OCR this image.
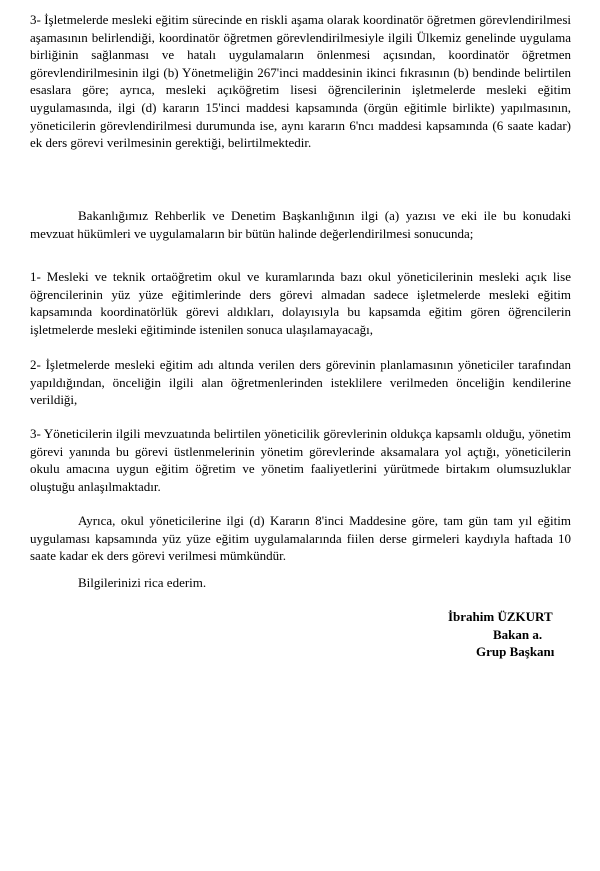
3- İşletmelerde mesleki eğitim sürecinde en riskli aşama olarak koordinatör öğretmen görevlendirilmesi aşamasının belirlendiği, koordinatör öğretmen görevlendirilmesiyle ilgili Ülkemiz genelinde uygulama birliğinin sağlanması ve hatalı uygulamaların önlenmesi açısından, koordinatör öğretmen görevlendirilmesinin ilgi (b) Yönetmeliğin 267'inci maddesinin ikinci fıkrasının (b) bendinde belirtilen esaslara göre; ayrıca, mesleki açıköğretim lisesi öğrencilerinin işletmelerde mesleki eğitim uygulamasında, ilgi (d) kararın 15'inci maddesi kapsamında (örgün eğitimle birlikte) yapılmasının, yöneticilerin görevlendirilmesi durumunda ise, aynı kararın 6'ncı maddesi kapsamında (6 saate kadar) ek ders görevi verilmesinin gerektiği, belirtilmektedir.

Bakanlığımız Rehberlik ve Denetim Başkanlığının ilgi (a) yazısı ve eki ile bu konudaki mevzuat hükümleri ve uygulamaların bir bütün halinde değerlendirilmesi sonucunda;

1- Mesleki ve teknik ortaöğretim okul ve kuramlarında bazı okul yöneticilerinin mesleki açık lise öğrencilerinin yüz yüze eğitimlerinde ders görevi almadan sadece işletmelerde mesleki eğitim kapsamında koordinatörlük görevi aldıkları, dolayısıyla bu kapsamda eğitim gören öğrencilerin işletmelerde mesleki eğitiminde istenilen sonuca ulaşılamayacağı,

2- İşletmelerde mesleki eğitim adı altında verilen ders görevinin planlamasının yöneticiler tarafından yapıldığından, önceliğin ilgili alan öğretmenlerinden isteklilere verilmeden önceliğin kendilerine verildiği,

3- Yöneticilerin ilgili mevzuatında belirtilen yöneticilik görevlerinin oldukça kapsamlı olduğu, yönetim görevi yanında bu görevi üstlenmelerinin yönetim görevlerinde aksamalara yol açtığı, yöneticilerin okulu amacına uygun eğitim öğretim ve yönetim faaliyetlerini yürütmede birtakım olumsuzluklar oluştuğu anlaşılmaktadır.

Ayrıca, okul yöneticilerine ilgi (d) Kararın 8'inci Maddesine göre, tam gün tam yıl eğitim uygulaması kapsamında yüz yüze eğitim uygulamalarında fiilen derse girmeleri kaydıyla haftada 10 saate kadar ek ders görevi verilmesi mümkündür.

Bilgilerinizi rica ederim.

İbrahim ÜZKURT
Bakan a.
Grup Başkanı
